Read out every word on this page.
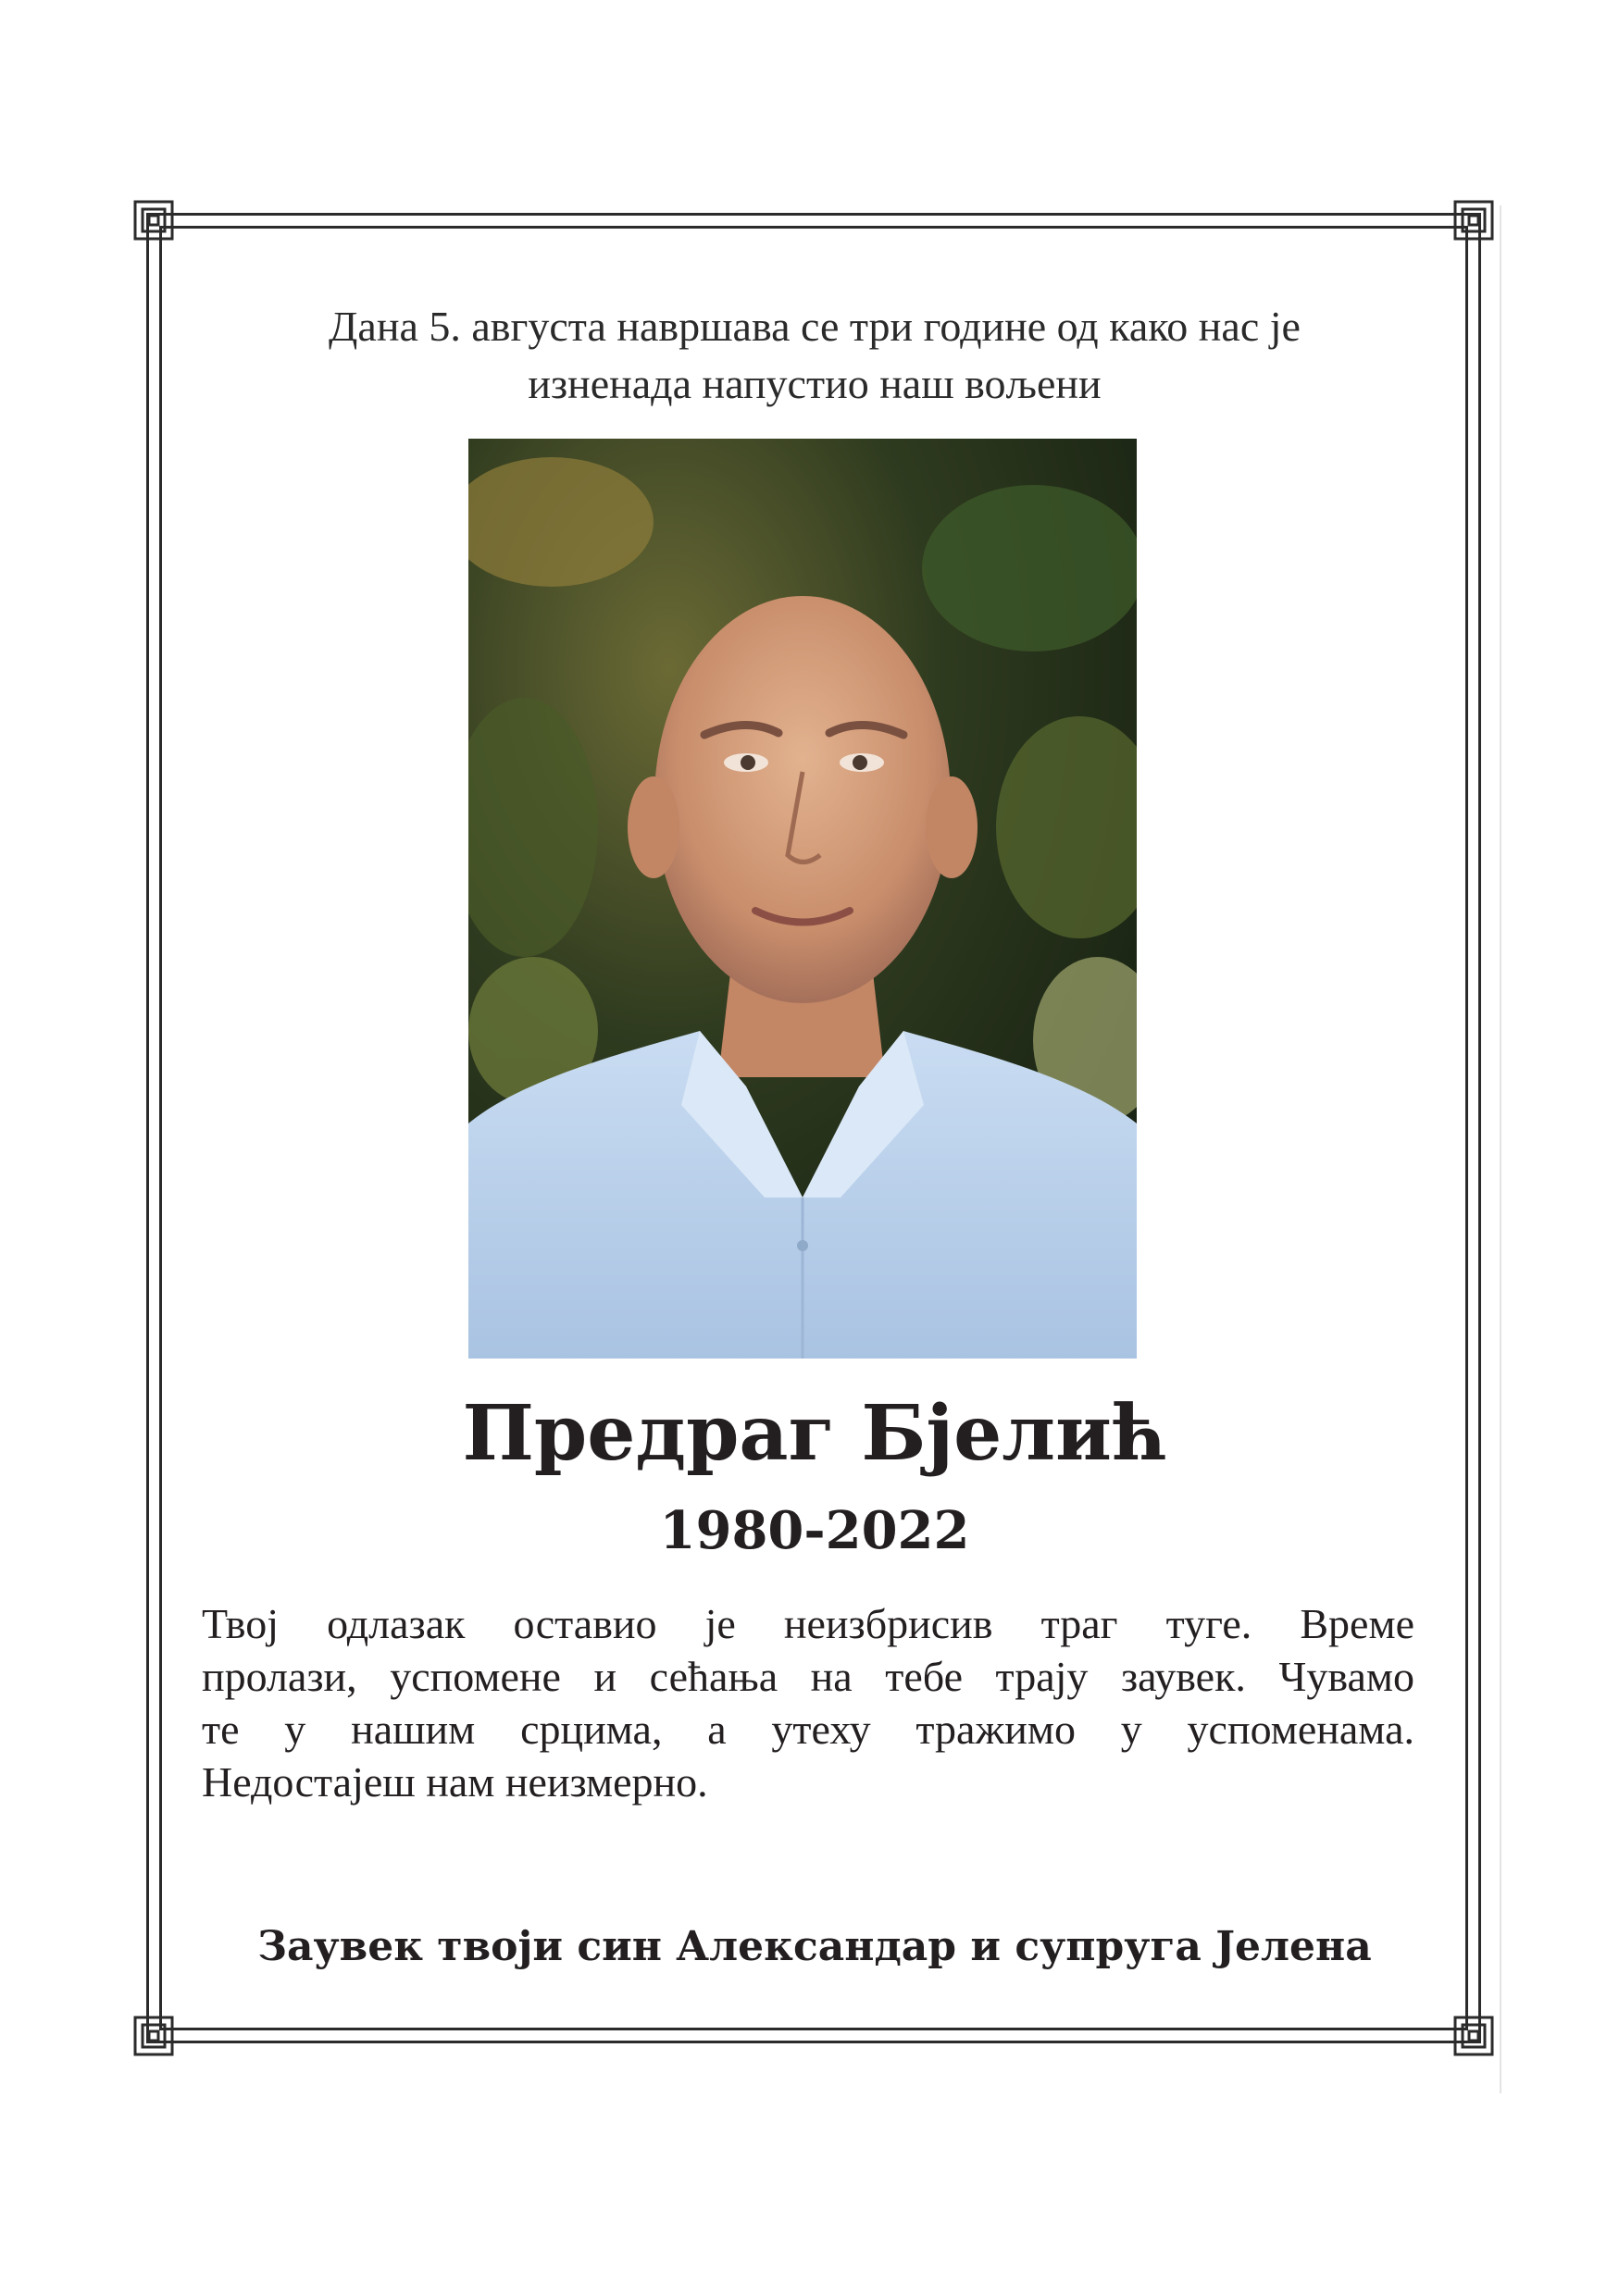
Дана 5. августа навршава се три године од како нас је
изненада напустио наш вољени
Предраг Бјелић
1980-2022
Твој одлазак оставио је неизбрисив траг туге. Време
пролази, успомене и сећања на тебе трају заувек. Чувамо
те у нашим срцима, а утеху тражимо у успоменама.
Недостајеш нам неизмерно.
Заувек твоји син Александар и супруга Јелена
